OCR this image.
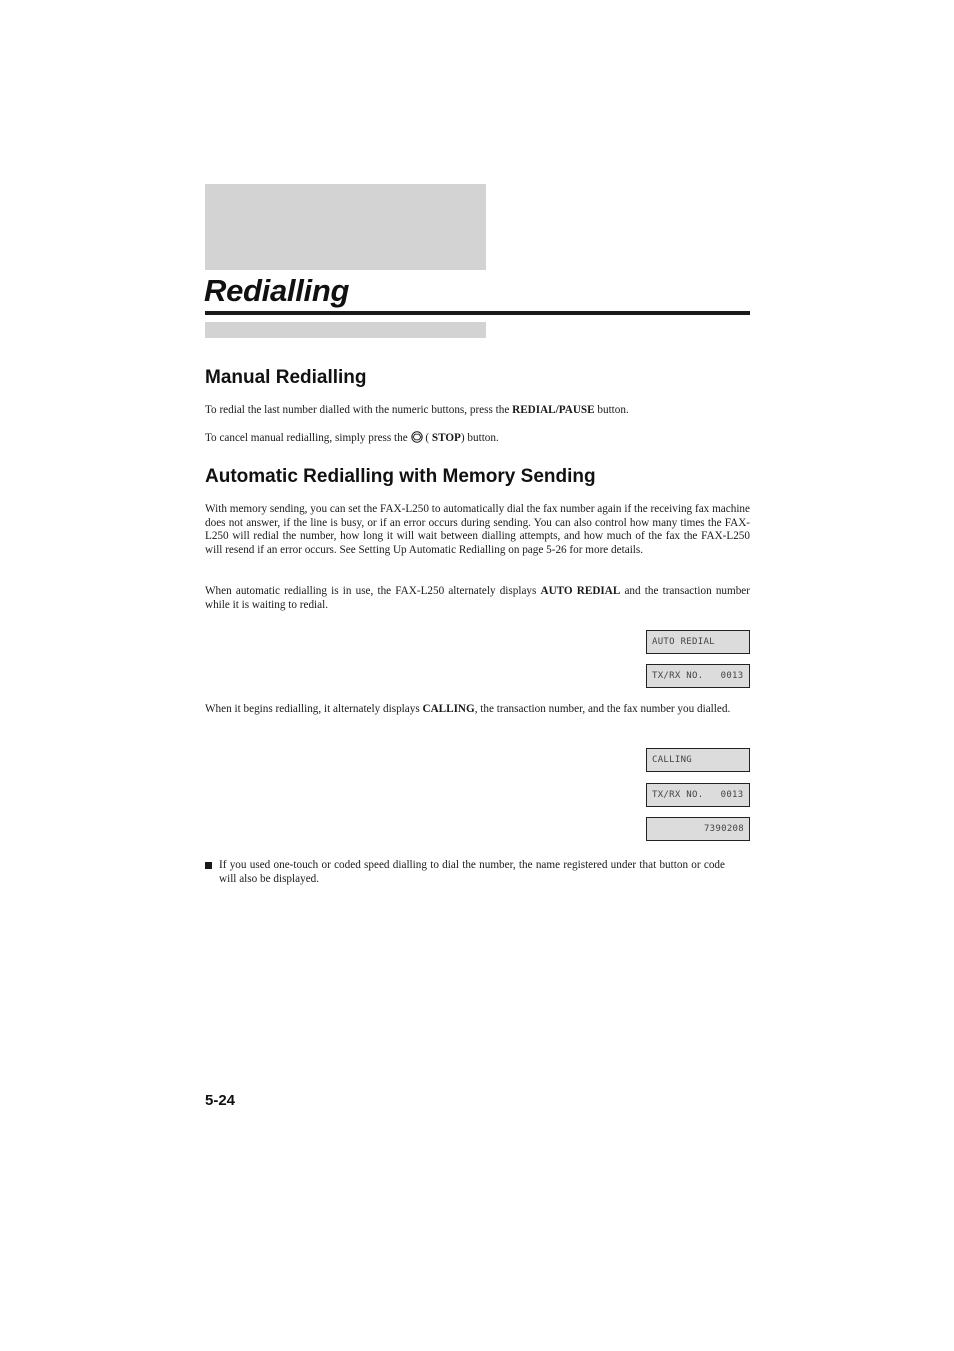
Redialling
Manual Redialling

To redial the last number dialled with the numeric buttons, press the REDIAL/PAUSE button.

To cancel manual redialling, simply press the  ( STOP) button.

Automatic Redialling with Memory Sending

With memory sending, you can set the FAX-L250 to automatically dial the fax number again if the receiving fax machine does not answer, if the line is busy, or if an error occurs during sending. You can also control how many times the FAX-L250 will redial the number, how long it will wait between dialling attempts, and how much of the fax the FAX-L250 will resend if an error occurs. See Setting Up Automatic Redialling on page 5-26 for more details.

When automatic redialling is in use, the FAX-L250 alternately displays AUTO REDIAL and the transaction number while it is waiting to redial.

AUTO REDIAL
TX/RX NO.   0013

When it begins redialling, it alternately displays CALLING, the transaction number, and the fax number you dialled.

CALLING
TX/RX NO.   0013
7390208

If you used one-touch or coded speed dialling to dial the number, the name registered under that button or code will also be displayed.

5-24
